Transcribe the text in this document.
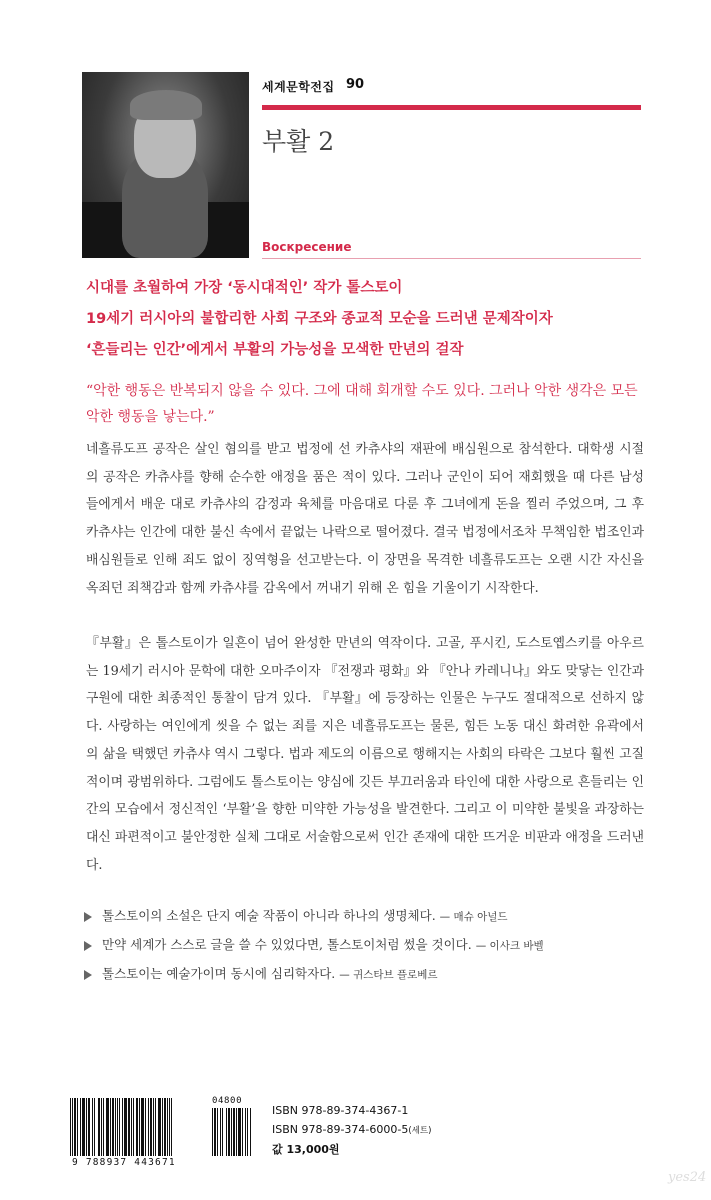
세계문학전집 90
부활 2
Воскресение
시대를 초월하여 가장 ‘동시대적인’ 작가 톨스토이
19세기 러시아의 불합리한 사회 구조와 종교적 모순을 드러낸 문제작이자
‘흔들리는 인간’에게서 부활의 가능성을 모색한 만년의 걸작
“악한 행동은 반복되지 않을 수 있다. 그에 대해 회개할 수도 있다. 그러나 악한 생각은 모든 악한 행동을 낳는다.”

네흘류도프 공작은 살인 혐의를 받고 법정에 선 카츄샤의 재판에 배심원으로 참석한다. 대학생 시절의 공작은 카츄샤를 향해 순수한 애정을 품은 적이 있다. 그러나 군인이 되어 재회했을 때 다른 남성들에게서 배운 대로 카츄샤의 감정과 육체를 마음대로 다룬 후 그녀에게 돈을 찔러 주었으며, 그 후 카츄샤는 인간에 대한 불신 속에서 끝없는 나락으로 떨어졌다. 결국 법정에서조차 무책임한 법조인과 배심원들로 인해 죄도 없이 징역형을 선고받는다. 이 장면을 목격한 네흘류도프는 오랜 시간 자신을 옥죄던 죄책감과 함께 카츄샤를 감옥에서 꺼내기 위해 온 힘을 기울이기 시작한다.

『부활』은 톨스토이가 일흔이 넘어 완성한 만년의 역작이다. 고골, 푸시킨, 도스토옙스키를 아우르는 19세기 러시아 문학에 대한 오마주이자 『전쟁과 평화』와 『안나 카레니나』와도 맞닿는 인간과 구원에 대한 최종적인 통찰이 담겨 있다. 『부활』에 등장하는 인물은 누구도 절대적으로 선하지 않다. 사랑하는 여인에게 씻을 수 없는 죄를 지은 네흘류도프는 물론, 힘든 노동 대신 화려한 유곽에서의 삶을 택했던 카츄샤 역시 그렇다. 법과 제도의 이름으로 행해지는 사회의 타락은 그보다 훨씬 고질적이며 광범위하다. 그럼에도 톨스토이는 양심에 깃든 부끄러움과 타인에 대한 사랑으로 흔들리는 인간의 모습에서 정신적인 ‘부활’을 향한 미약한 가능성을 발견한다. 그리고 이 미약한 불빛을 과장하는 대신 파편적이고 불안정한 실체 그대로 서술함으로써 인간 존재에 대한 뜨거운 비판과 애정을 드러낸다.

톨스토이의 소설은 단지 예술 작품이 아니라 하나의 생명체다. — 매슈 아널드
만약 세계가 스스로 글을 쓸 수 있었다면, 톨스토이처럼 썼을 것이다. — 이사크 바벨
톨스토이는 예술가이며 동시에 심리학자다. — 귀스타브 플로베르
9 788937 443671
04800
ISBN 978-89-374-4367-1
ISBN 978-89-374-6000-5(세트)
값 13,000원
yes24
